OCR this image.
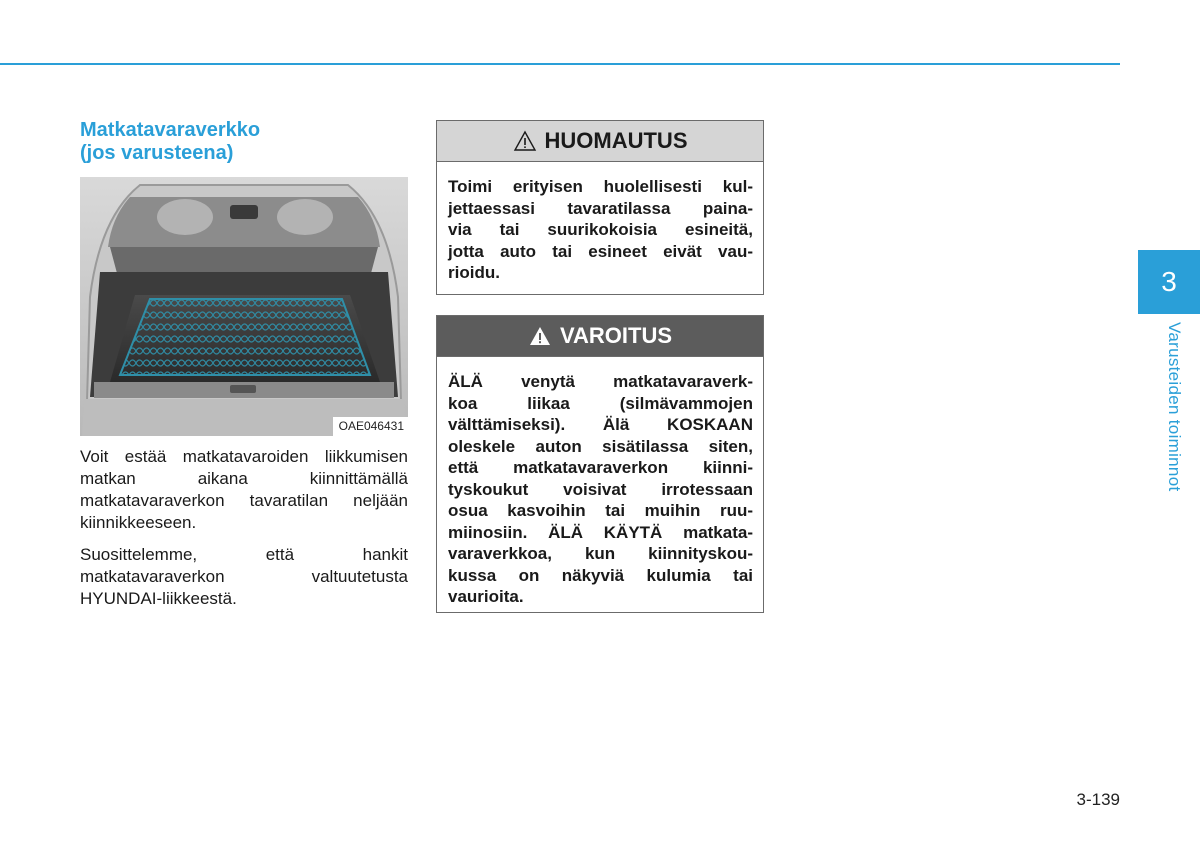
Matkatavaraverkko
(jos varusteena)
OAE046431

Voit estää matkatavaroiden liikkumisen matkan aikana kiinnittämällä matkatavaraverkon tavaratilan neljään kiinnikkeeseen.

Suosittelemme, että hankit matkatavaraverkon valtuutetusta HYUNDAI-liikkeestä.

HUOMAUTUS
Toimi erityisen huolellisesti kul-
jettaessasi tavaratilassa paina-
via tai suurikokoisia esineitä,
jotta auto tai esineet eivät vau-
rioidu.
VAROITUS
ÄLÄ venytä matkatavaraverk-
koa liikaa (silmävammojen
välttämiseksi). Älä KOSKAAN
oleskele auton sisätilassa siten,
että matkatavaraverkon kiinni-
tyskoukut voisivat irrotessaan
osua kasvoihin tai muihin ruu-
miinosiin. ÄLÄ KÄYTÄ matkata-
varaverkkoa, kun kiinnityskou-
kussa on näkyviä kulumia tai
vaurioita.
3
Varusteiden toiminnot
3-139
